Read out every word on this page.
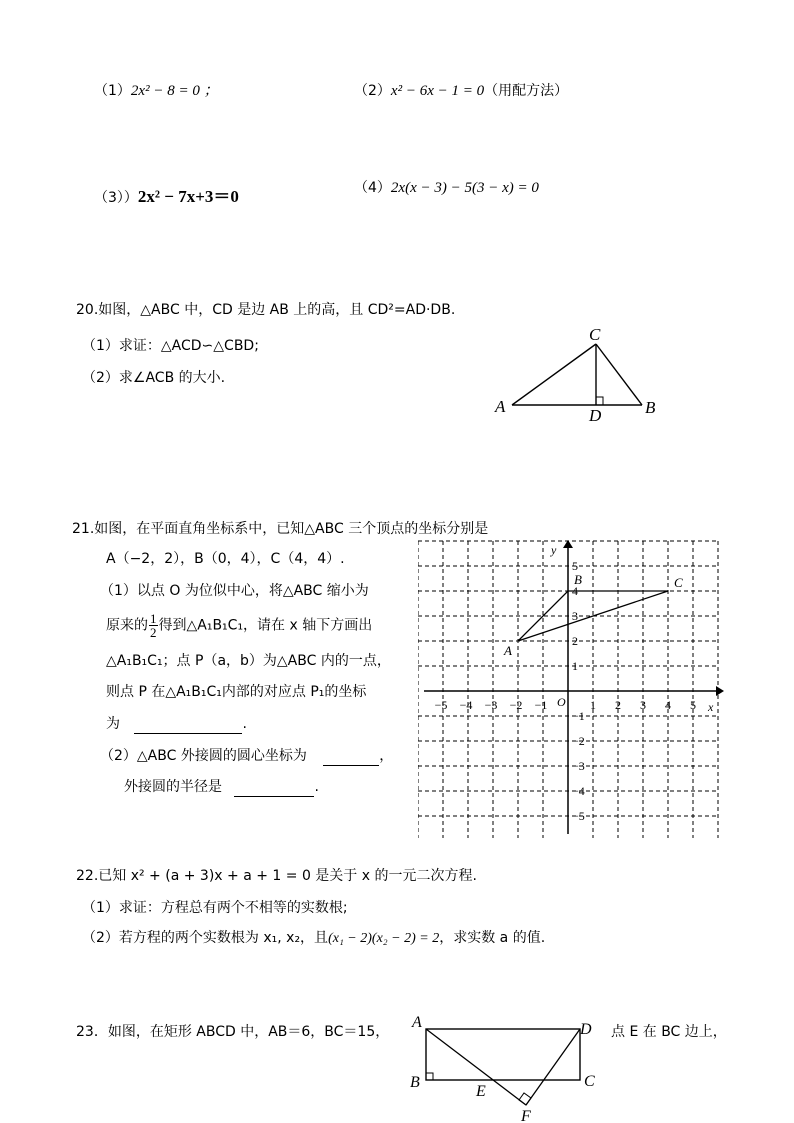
（1）2x² − 8 = 0 ；	（2）x² − 6x − 1 = 0（用配方法）
（3））2x² − 7x+3＝0	（4）2x(x − 3) − 5(3 − x) = 0
20.如图，△ABC 中，CD 是边 AB 上的高，且 CD²=AD·DB.
（1）求证：△ACD∽△CBD;
（2）求∠ACB 的大小.
C
A	B
D
21.如图，在平面直角坐标系中，已知△ABC 三个顶点的坐标分别是
A（−2，2），B（0，4），C（4，4）.
（1）以点 O 为位似中心，将△ABC 缩小为
原来的 $\frac{1}{2}$ 得到△A₁B₁C₁，请在 x 轴下方画出
△A₁B₁C₁；点 P（a，b）为△ABC 内的一点，
则点 P 在△A₁B₁C₁内部的对应点 P₁的坐标
为	.
（2）△ABC 外接圆的圆心坐标为	，
外接圆的半径是	.
x
y
O
−5 −4 −3 −2 −1	1 2 3 4 5
5
4
3
2
1
−1
−2
−3
−4
−5
A
B	C
22.已知 x² + (a + 3)x + a + 1 = 0 是关于 x 的一元二次方程.
（1）求证：方程总有两个不相等的实数根;
（2）若方程的两个实数根为 x₁, x₂，且(x₁ − 2)(x₂ − 2) = 2，求实数 a 的值.
23．如图，在矩形 ABCD 中，AB＝6，BC＝15，	点 E 在 BC 边上，
A	D
B	C
E
F
